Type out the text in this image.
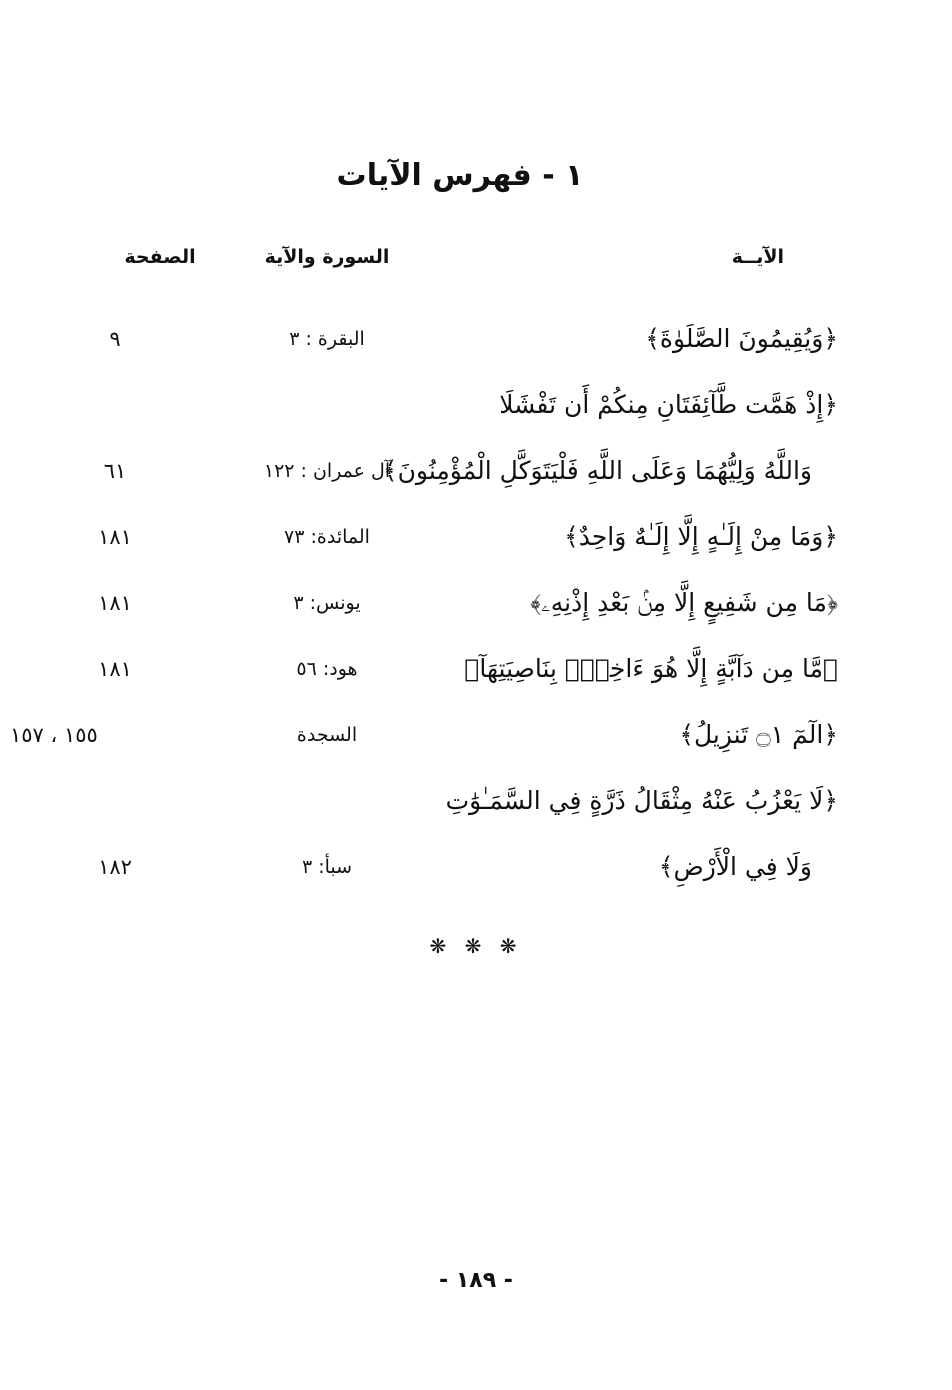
١ - فهرس الآيات
الآيــة
السورة والآية
الصفحة
﴿وَيُقِيمُونَ الصَّلَوٰةَ﴾
البقرة : ٣
٩
﴿إِذْ هَمَّت طَّآئِفَتَانِ مِنكُمْ أَن تَفْشَلَا
وَاللَّهُ وَلِيُّهُمَا وَعَلَى اللَّهِ فَلْيَتَوَكَّلِ الْمُؤْمِنُونَ﴾
آل عمران : ١٢٢
٦١
﴿وَمَا مِنْ إِلَـٰهٍ إِلَّا إِلَـٰهٌ وَاحِدٌ﴾
المائدة: ٧٣
١٨١
﴿مَا مِن شَفِيعٍ إِلَّا مِنۢ بَعْدِ إِذْنِهِۦ﴾
يونس: ٣
١٨١
﴿مَّا مِن دَآبَّةٍ إِلَّا هُوَ ءَاخِذٌۢ بِنَاصِيَتِهَآ﴾
هود: ٥٦
١٨١
﴿الٓمٓ ۝١ تَنزِيلُ﴾
السجدة
١٥٥ ، ١٥٧
﴿لَا يَعْزُبُ عَنْهُ مِثْقَالُ ذَرَّةٍ فِي السَّمَـٰوَٰتِ
وَلَا فِي الْأَرْضِ﴾
سبأ: ٣
١٨٢
❋ ❋ ❋
- ١٨٩ -
